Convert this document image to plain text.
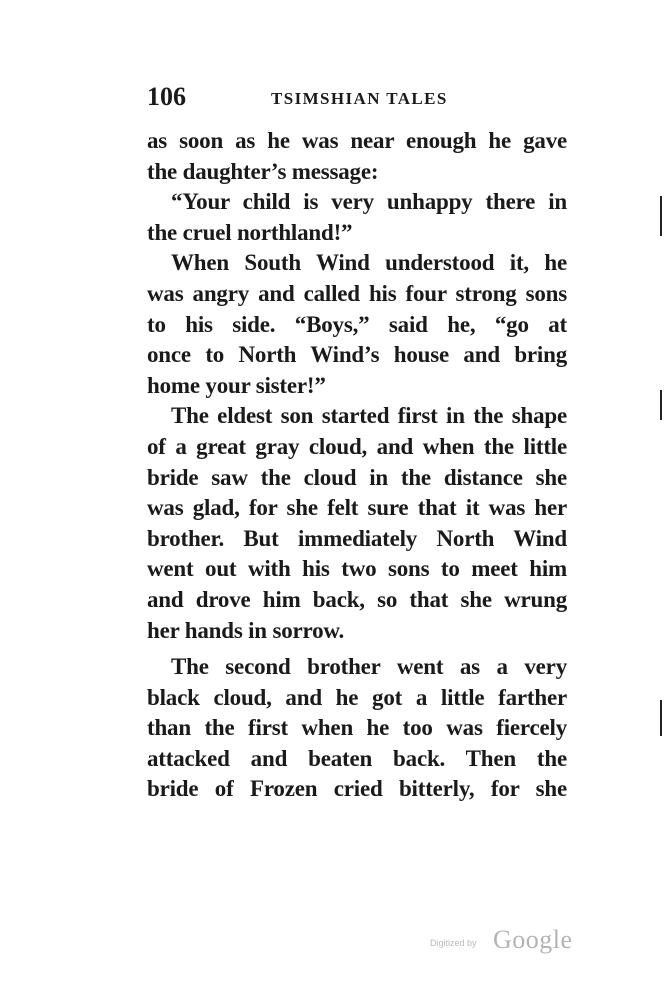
106	TSIMSHIAN TALES
as soon as he was near enough he gave
the daughter’s message:
“Your child is very unhappy there in
the cruel northland!”
When South Wind understood it, he
was angry and called his four strong sons
to his side. “Boys,” said he, “go at
once to North Wind’s house and bring
home your sister!”
The eldest son started first in the shape
of a great gray cloud, and when the little
bride saw the cloud in the distance she
was glad, for she felt sure that it was her
brother. But immediately North Wind
went out with his two sons to meet him
and drove him back, so that she wrung
her hands in sorrow.
The second brother went as a very
black cloud, and he got a little farther
than the first when he too was fiercely
attacked and beaten back. Then the
bride of Frozen cried bitterly, for she
Digitized by Google
